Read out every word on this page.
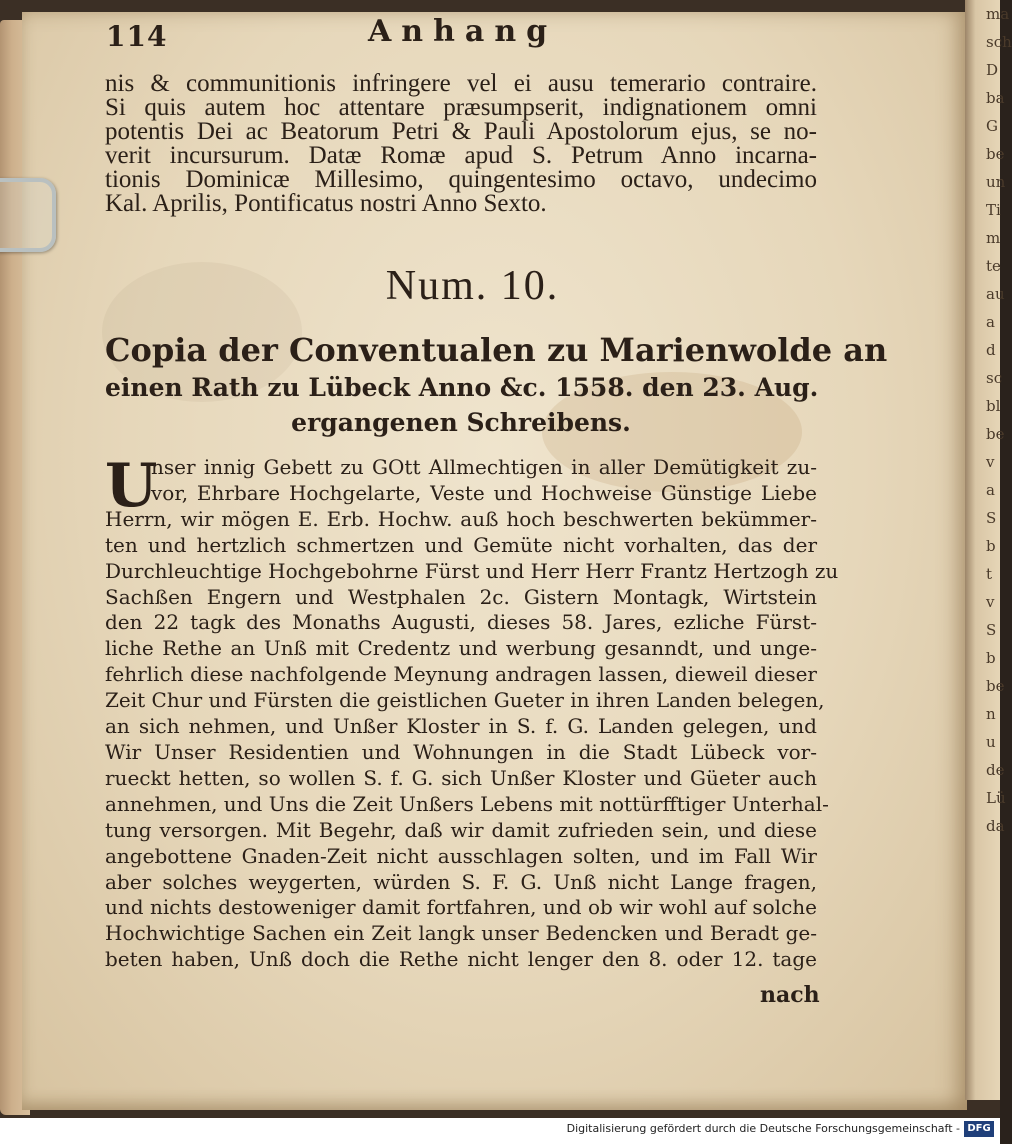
ma
sch
D
ba
G
be
un
Ti
m
te
au
a
d
sc
bl
be
v
a
S
b
t
v
S
b
be
n
u
de
Lü
da
114	Anhang
nis & communitionis infringere vel ei ausu temerario contraire.
Si quis autem hoc attentare præsumpserit, indignationem omni
potentis Dei ac Beatorum Petri & Pauli Apostolorum ejus, se no-
verit incursurum. Datæ Romæ apud S. Petrum Anno incarna-
tionis Dominicæ Millesimo, quingentesimo octavo, undecimo
Kal. Aprilis, Pontificatus nostri Anno Sexto.
Num. 10.
Copia der Conventualen zu Marienwolde an
einen Rath zu Lübeck Anno &c. 1558. den 23. Aug.
ergangenen Schreibens.
U
nser innig Gebett zu GOtt Allmechtigen in aller Demütigkeit zu-
vor, Ehrbare Hochgelarte, Veste und Hochweise Günstige Liebe
Herrn, wir mögen E. Erb. Hochw. auß hoch beschwerten bekümmer-
ten und hertzlich schmertzen und Gemüte nicht vorhalten, das der
Durchleuchtige Hochgebohrne Fürst und Herr Herr Frantz Hertzogh zu
Sachßen Engern und Westphalen 2c. Gistern Montagk, Wirtstein
den 22 tagk des Monaths Augusti, dieses 58. Jares, ezliche Fürst-
liche Rethe an Unß mit Credentz und werbung gesanndt, und unge-
fehrlich diese nachfolgende Meynung andragen lassen, dieweil dieser
Zeit Chur und Fürsten die geistlichen Gueter in ihren Landen belegen,
an sich nehmen, und Unßer Kloster in S. f. G. Landen gelegen, und
Wir Unser Residentien und Wohnungen in die Stadt Lübeck vor-
rueckt hetten, so wollen S. f. G. sich Unßer Kloster und Güeter auch
annehmen, und Uns die Zeit Unßers Lebens mit nottürfftiger Unterhal-
tung versorgen. Mit Begehr, daß wir damit zufrieden sein, und diese
angebottene Gnaden-Zeit nicht ausschlagen solten, und im Fall Wir
aber solches weygerten, würden S. F. G. Unß nicht Lange fragen,
und nichts destoweniger damit fortfahren, und ob wir wohl auf solche
Hochwichtige Sachen ein Zeit langk unser Bedencken und Beradt ge-
beten haben, Unß doch die Rethe nicht lenger den 8. oder 12. tage
nach
Digitalisierung gefördert durch die Deutsche Forschungsgemeinschaft - DFG
